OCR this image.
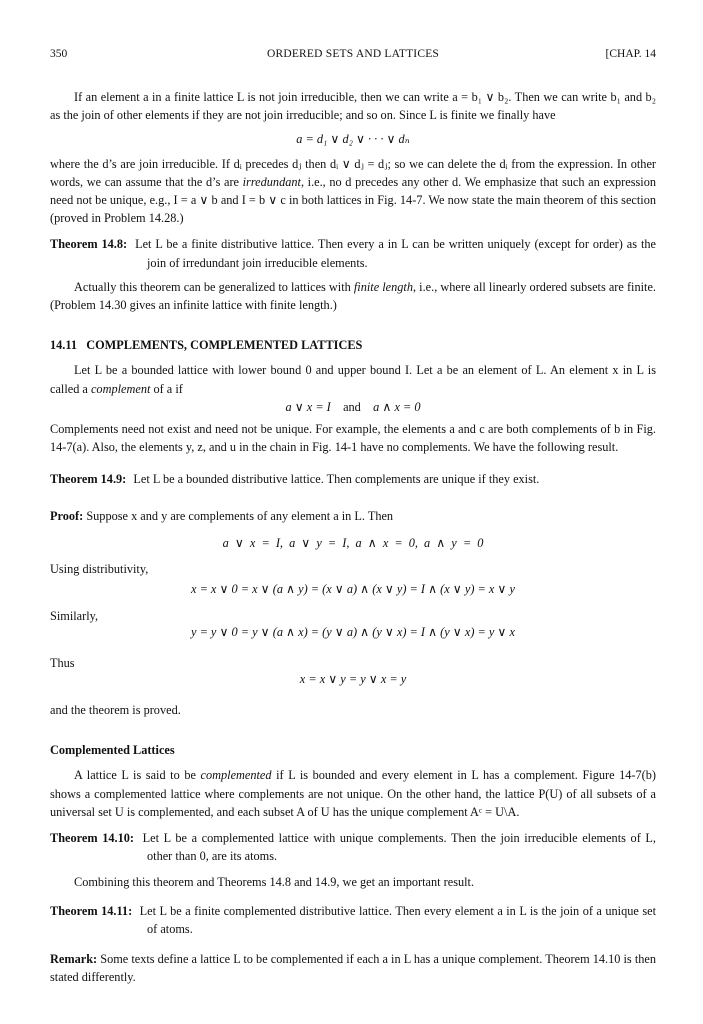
350	ORDERED SETS AND LATTICES	[CHAP. 14

If an element a in a finite lattice L is not join irreducible, then we can write a = b₁ ∨ b₂. Then we can write b₁ and b₂ as the join of other elements if they are not join irreducible; and so on. Since L is finite we finally have

a = d₁ ∨ d₂ ∨ · · · ∨ dₙ

where the d’s are join irreducible. If dᵢ precedes dⱼ then dᵢ ∨ dⱼ = dⱼ; so we can delete the dᵢ from the expression. In other words, we can assume that the d’s are irredundant, i.e., no d precedes any other d. We emphasize that such an expression need not be unique, e.g., I = a ∨ b and I = b ∨ c in both lattices in Fig. 14-7. We now state the main theorem of this section (proved in Problem 14.28.)

Theorem 14.8: Let L be a finite distributive lattice. Then every a in L can be written uniquely (except for order) as the join of irredundant join irreducible elements.

Actually this theorem can be generalized to lattices with finite length, i.e., where all linearly ordered subsets are finite. (Problem 14.30 gives an infinite lattice with finite length.)

14.11 COMPLEMENTS, COMPLEMENTED LATTICES

Let L be a bounded lattice with lower bound 0 and upper bound I. Let a be an element of L. An element x in L is called a complement of a if

a ∨ x = I and a ∧ x = 0

Complements need not exist and need not be unique. For example, the elements a and c are both complements of b in Fig. 14-7(a). Also, the elements y, z, and u in the chain in Fig. 14-1 have no complements. We have the following result.

Theorem 14.9: Let L be a bounded distributive lattice. Then complements are unique if they exist.

Proof: Suppose x and y are complements of any element a in L. Then

a ∨ x = I, a ∨ y = I, a ∧ x = 0, a ∧ y = 0
Using distributivity,
x = x ∨ 0 = x ∨ (a ∧ y) = (x ∨ a) ∧ (x ∨ y) = I ∧ (x ∨ y) = x ∨ y
Similarly,
y = y ∨ 0 = y ∨ (a ∧ x) = (y ∨ a) ∧ (y ∨ x) = I ∧ (y ∨ x) = y ∨ x
Thus
x = x ∨ y = y ∨ x = y

and the theorem is proved.

Complemented Lattices

A lattice L is said to be complemented if L is bounded and every element in L has a complement. Figure 14-7(b) shows a complemented lattice where complements are not unique. On the other hand, the lattice P(U) of all subsets of a universal set U is complemented, and each subset A of U has the unique complement Aᶜ = U\A.

Theorem 14.10: Let L be a complemented lattice with unique complements. Then the join irreducible elements of L, other than 0, are its atoms.

Combining this theorem and Theorems 14.8 and 14.9, we get an important result.

Theorem 14.11: Let L be a finite complemented distributive lattice. Then every element a in L is the join of a unique set of atoms.

Remark: Some texts define a lattice L to be complemented if each a in L has a unique complement. Theorem 14.10 is then stated differently.
